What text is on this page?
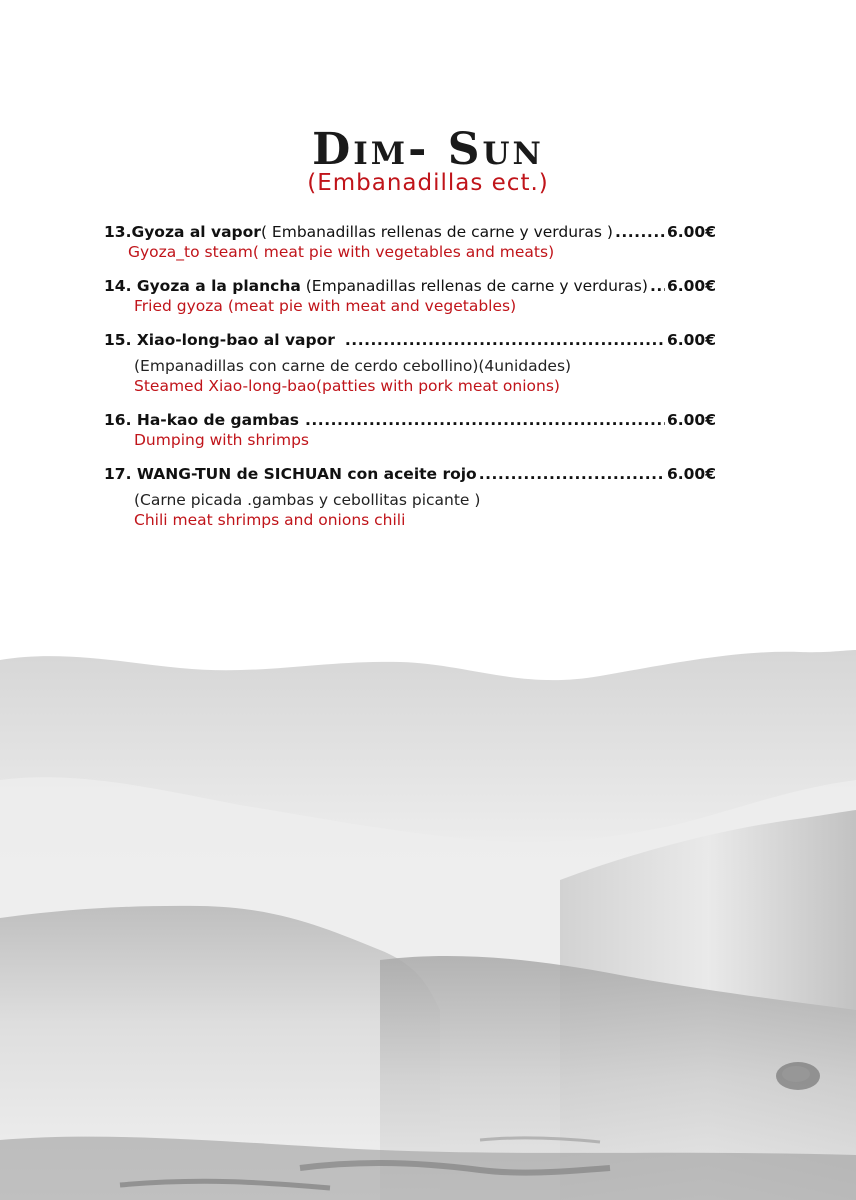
Dim- Sun
(Embanadillas ect.)
13. Gyoza al vapor ( Embanadillas rellenas de carne y verduras ) .....	6.00€
Gyoza_to steam( meat pie with vegetables and meats)
14. Gyoza a la plancha (Empanadillas rellenas de carne y verduras) ..... 6.00€
Fried gyoza (meat pie with meat and vegetables)
15. Xiao-long-bao al vapor .....	6.00€
(Empanadillas con carne de cerdo cebollino)(4unidades)
Steamed Xiao-long-bao(patties with pork meat onions)
16. Ha-kao de gambas .....	6.00€
Dumping with shrimps
17. WANG-TUN de SICHUAN con aceite rojo .....	6.00€
(Carne picada .gambas y cebollitas picante )
Chili meat shrimps and onions chili
